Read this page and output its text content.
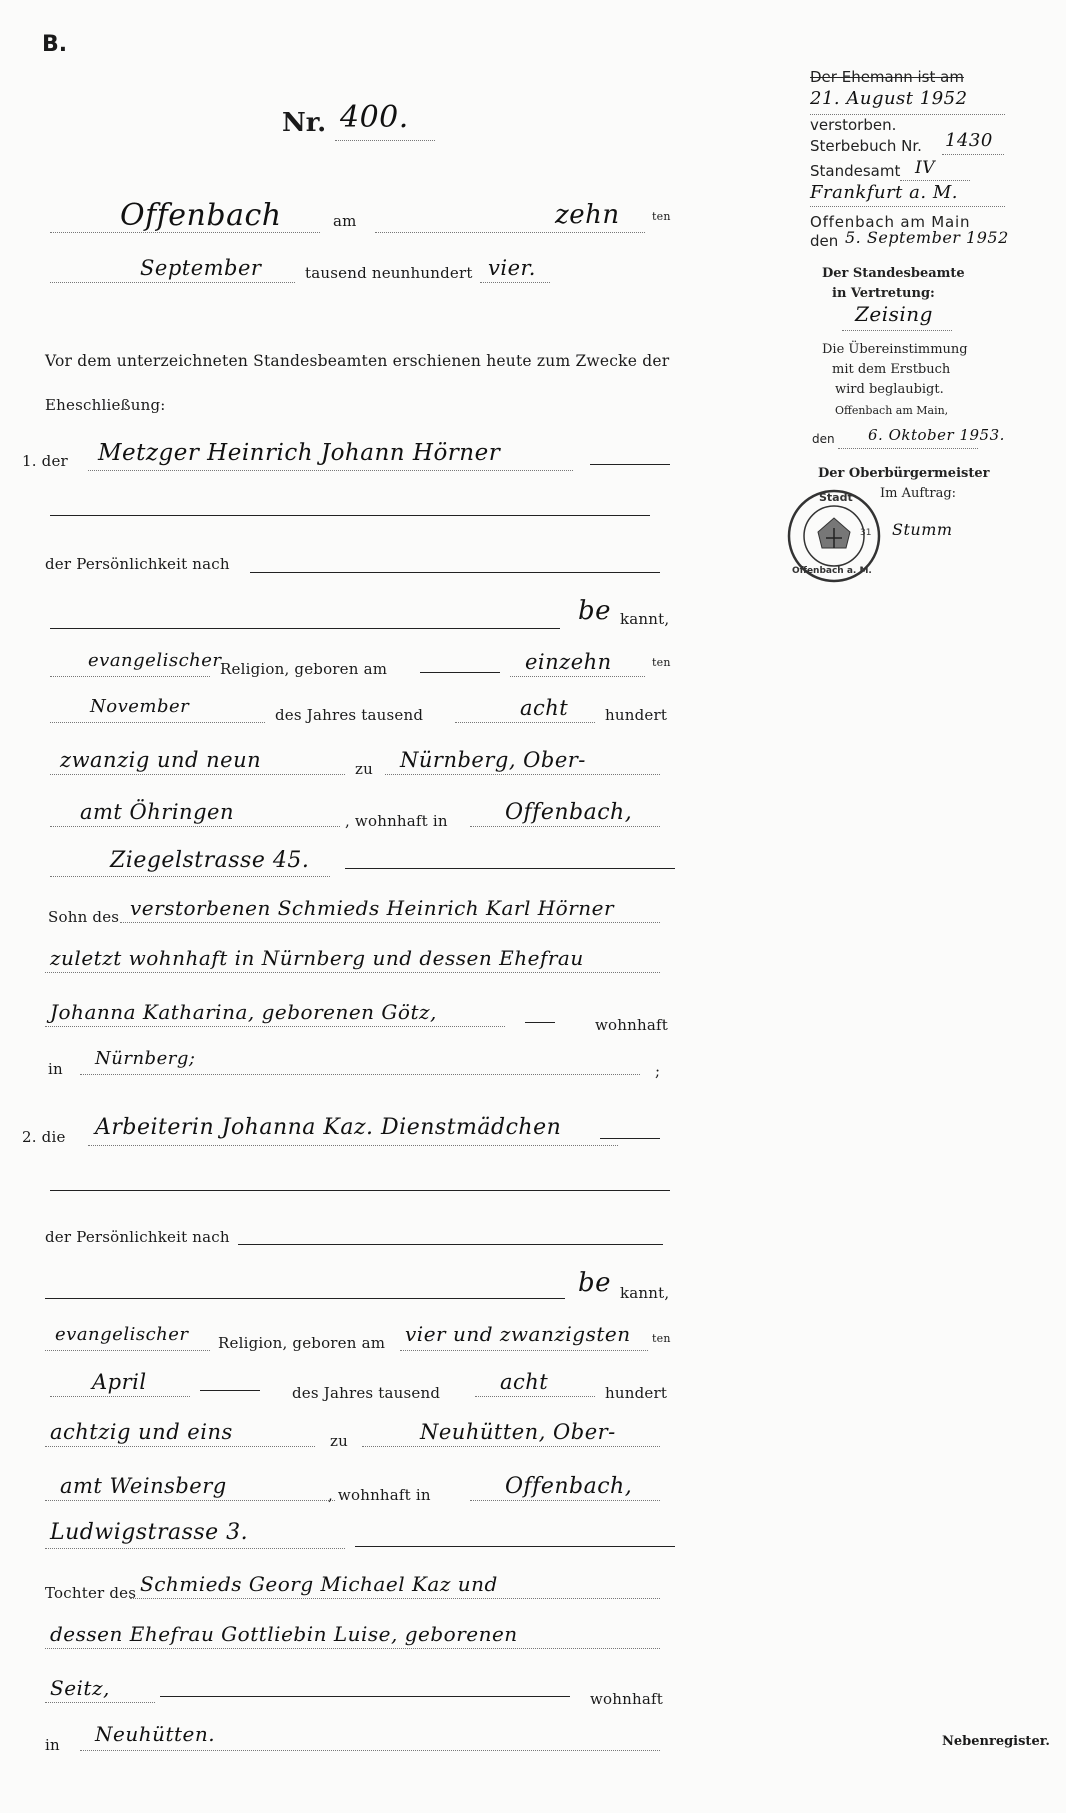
B.
Nr. 400.
Offenbach	am	zehn	ten
September	tausend neunhundert vier.
Vor dem unterzeichneten Standesbeamten erschienen heute zum Zwecke der
Eheschließung:
1. der Metzger Heinrich Johann Hörner
der Persönlichkeit nach
be kannt,
evangelischer
Religion, geboren am	einzehn	ten
November	des Jahres tausend	acht hundert
zwanzig und neun	zu Nürnberg, Ober-
amt Öhringen	, wohnhaft in	Offenbach,
Ziegelstrasse 45.
Sohn des verstorbenen Schmieds Heinrich Karl Hörner
zuletzt wohnhaft in Nürnberg und dessen Ehefrau
Johanna Katharina, geborenen Götz,
wohnhaft
in Nürnberg;
;
2. die Arbeiterin Johanna Kaz. Dienstmädchen
der Persönlichkeit nach
be kannt,
evangelischer Religion, geboren am vier und zwanzigsten ten
April	des Jahres tausend	acht	hundert
achtzig und eins	zu	Neuhütten, Ober-
amt Weinsberg	, wohnhaft in	Offenbach,
Ludwigstrasse 3.
Tochter des Schmieds Georg Michael Kaz und
dessen Ehefrau Gottliebin Luise, geborenen
Seitz,	wohnhaft
in Neuhütten.	Nebenregister.
Der Ehemann ist am
21. August 1952
verstorben.
Sterbebuch Nr. 1430
Standesamt IV
Frankfurt a. M.
Offenbach am Main
den 5. September 1952
Der Standesbeamte
in Vertretung:
Zeising
Die Übereinstimmung
mit dem Erstbuch
wird beglaubigt.
Offenbach am Main,
den 6. Oktober 1953.
Der Oberbürgermeister
Im Auftrag:
Stumm
Stadt
Offenbach a. M.
31
